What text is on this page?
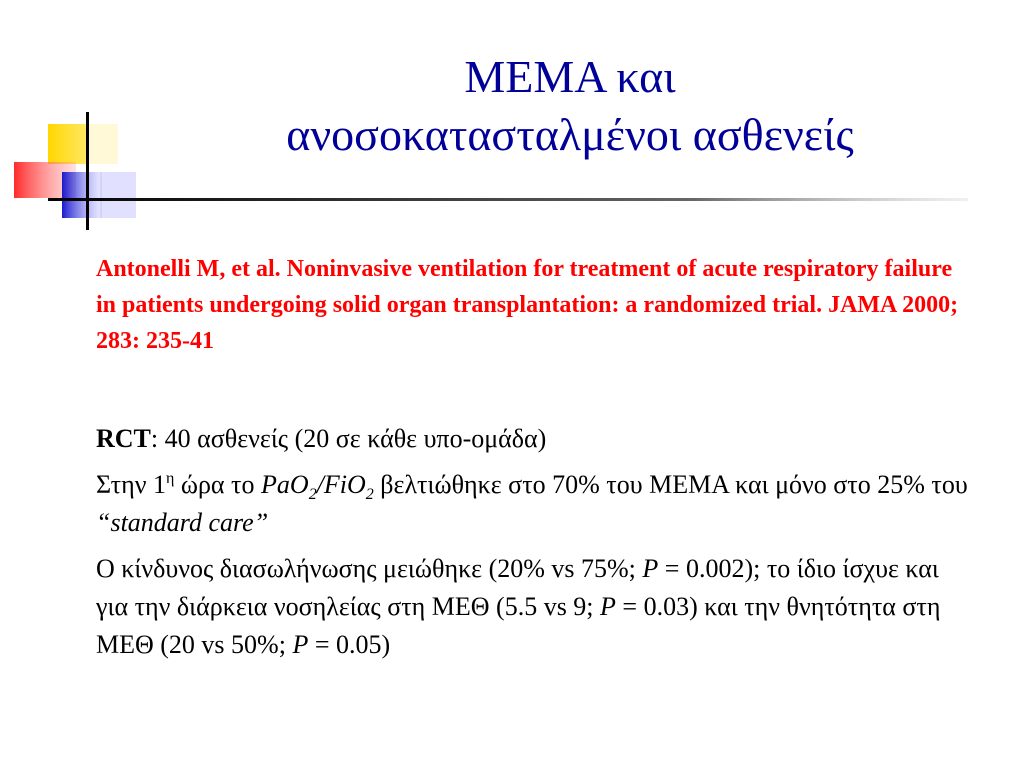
ΜΕΜΑ και
ανοσοκατασταλμένοι ασθενείς

Antonelli M, et al. Noninvasive ventilation for treatment of acute respiratory failure in patients undergoing solid organ transplantation: a randomized trial. JAMA 2000; 283: 235-41

RCT: 40 ασθενείς (20 σε κάθε υπο-ομάδα)

Στην $1^\eta$ ώρα το PaO$_2$/FiO$_2$ βελτιώθηκε στο 70% του ΜΕΜΑ και μόνο στο 25% του “standard care”

Ο κίνδυνος διασωλήνωσης μειώθηκε (20% vs 75%; P = 0.002); το ίδιο ίσχυε και για την διάρκεια νοσηλείας στη ΜΕΘ (5.5 vs 9; P = 0.03) και την θνητότητα στη ΜΕΘ (20 vs 50%; P = 0.05)
